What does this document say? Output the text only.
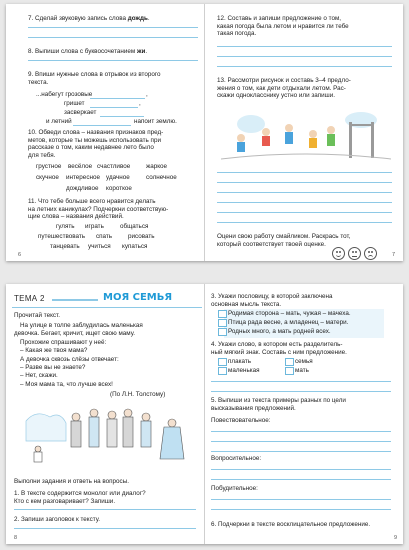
7. Сделай звуковую запись слова дождь.
8. Выпиши слова с буквосочетанием жи.
9. Впиши нужные слова в отрывок из второго
текста.
...набегут грозовые	,
гришет	,
засверкает
и летний	напоит землю.
10. Обведи слова – названия признаков пред-
метов, которые ты можешь использовать при
рассказе о том, каким недавнее лето было
для тебя.
грустное весёлое счастливое	жаркое
скучное интересное удачное	солнечное
дождливое короткое
11. Что тебе больше всего нравится делать
на летних каникулах? Подчеркни соответствую-
щие слова – названия действий.
гулять играть	общаться
путешествовать спать	рисовать
танцевать учиться купаться
6
12. Составь и запиши предложение о том,
какая погода была летом и нравится ли тебе
такая погода.
13. Рассмотри рисунок и составь 3–4 предло-
жения о том, как дети отдыхали летом. Рас-
скажи однокласснику устно или запиши.
Оцени свою работу смайликом. Раскрась тот,
который соответствует твоей оценке.
7
ТЕМА 2	МОЯ СЕМЬЯ
Прочитай текст.
На улице в толпе заблудилась маленькая
девочка. Бегает, кричит, ищет свою маму.
Прохожие спрашивают у неё:
– Какая же твоя мама?
А девочка сквозь слёзы отвечает:
– Разве вы не знаете?
– Нет, скажи.
– Моя мама та, что лучше всех!
(По Л.Н. Толстому)
Выполни задания и ответь на вопросы.
1. В тексте содержится монолог или диалог?
Кто с кем разговаривает? Запиши.
2. Запиши заголовок к тексту.
8
3. Укажи пословицу, в которой заключена
основная мысль текста.
Родимая сторона – мать, чужая – мачеха.
Птица рада весне, а младенец – матери.
Родных много, а мать родней всех.
4. Укажи слово, в котором есть разделитель-
ный мягкий знак. Составь с ним предложение.
плакать	семья
маленькая	мать
5. Выпиши из текста примеры разных по цели
высказывания предложений.
Повествовательное:
Вопросительное:
Побудительное:
6. Подчеркни в тексте восклицательное предложение.
9
